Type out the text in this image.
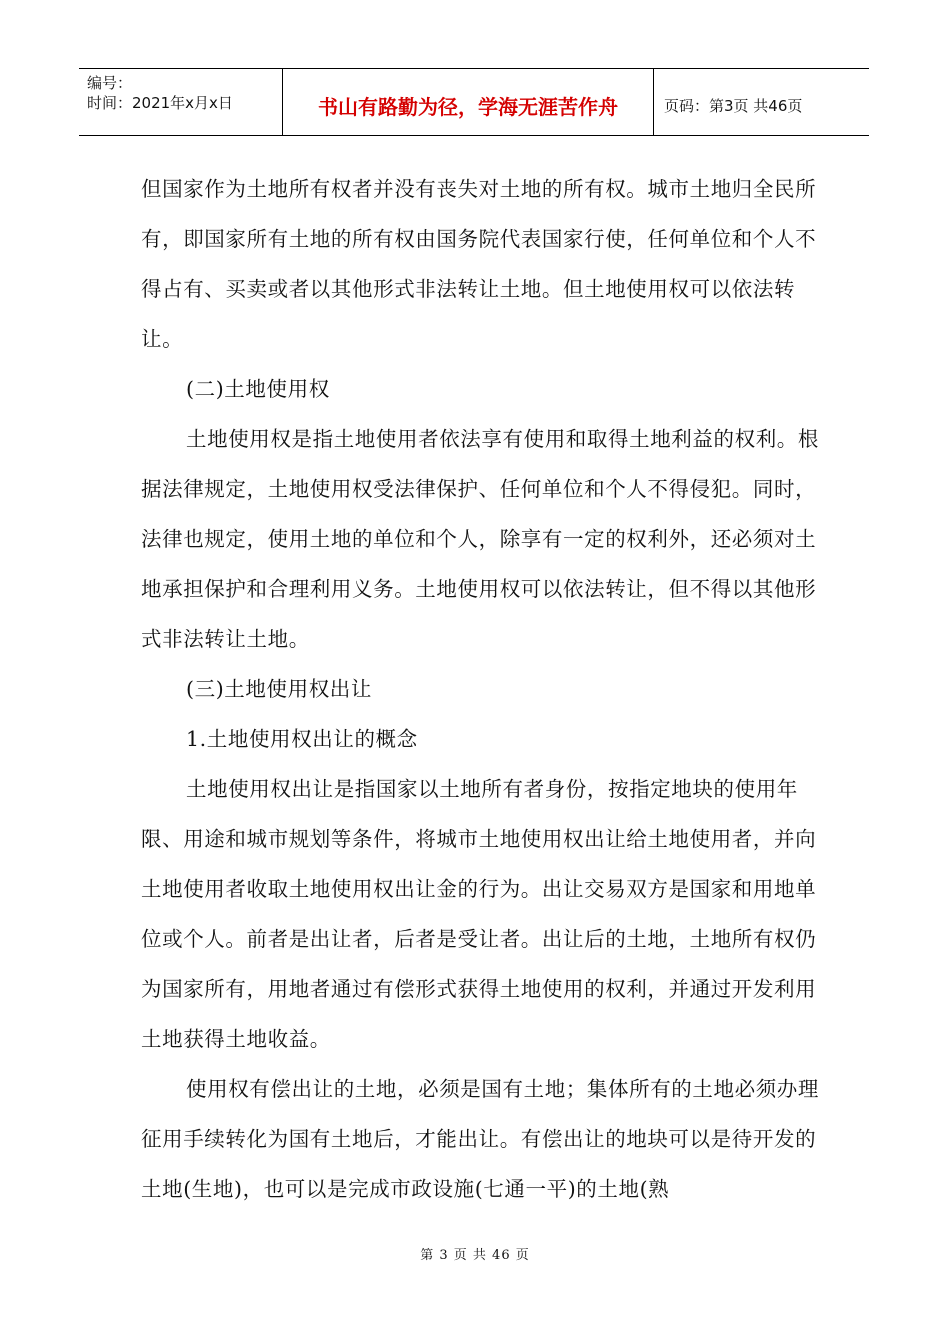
编号：
时间：2021年x月x日	书山有路勤为径，学海无涯苦作舟	页码：第3页 共46页

但国家作为土地所有权者并没有丧失对土地的所有权。城市土地归全民所有，即国家所有土地的所有权由国务院代表国家行使，任何单位和个人不得占有、买卖或者以其他形式非法转让土地。但土地使用权可以依法转让。

(二)土地使用权

土地使用权是指土地使用者依法享有使用和取得土地利益的权利。根据法律规定，土地使用权受法律保护、任何单位和个人不得侵犯。同时，法律也规定，使用土地的单位和个人，除享有一定的权利外，还必须对土地承担保护和合理利用义务。土地使用权可以依法转让，但不得以其他形式非法转让土地。

(三)土地使用权出让

1.土地使用权出让的概念

土地使用权出让是指国家以土地所有者身份，按指定地块的使用年限、用途和城市规划等条件，将城市土地使用权出让给土地使用者，并向土地使用者收取土地使用权出让金的行为。出让交易双方是国家和用地单位或个人。前者是出让者，后者是受让者。出让后的土地，土地所有权仍为国家所有，用地者通过有偿形式获得土地使用的权利，并通过开发利用土地获得土地收益。

使用权有偿出让的土地，必须是国有土地；集体所有的土地必须办理征用手续转化为国有土地后，才能出让。有偿出让的地块可以是待开发的土地(生地)，也可以是完成市政设施(七通一平)的土地(熟

第 3 页 共 46 页
